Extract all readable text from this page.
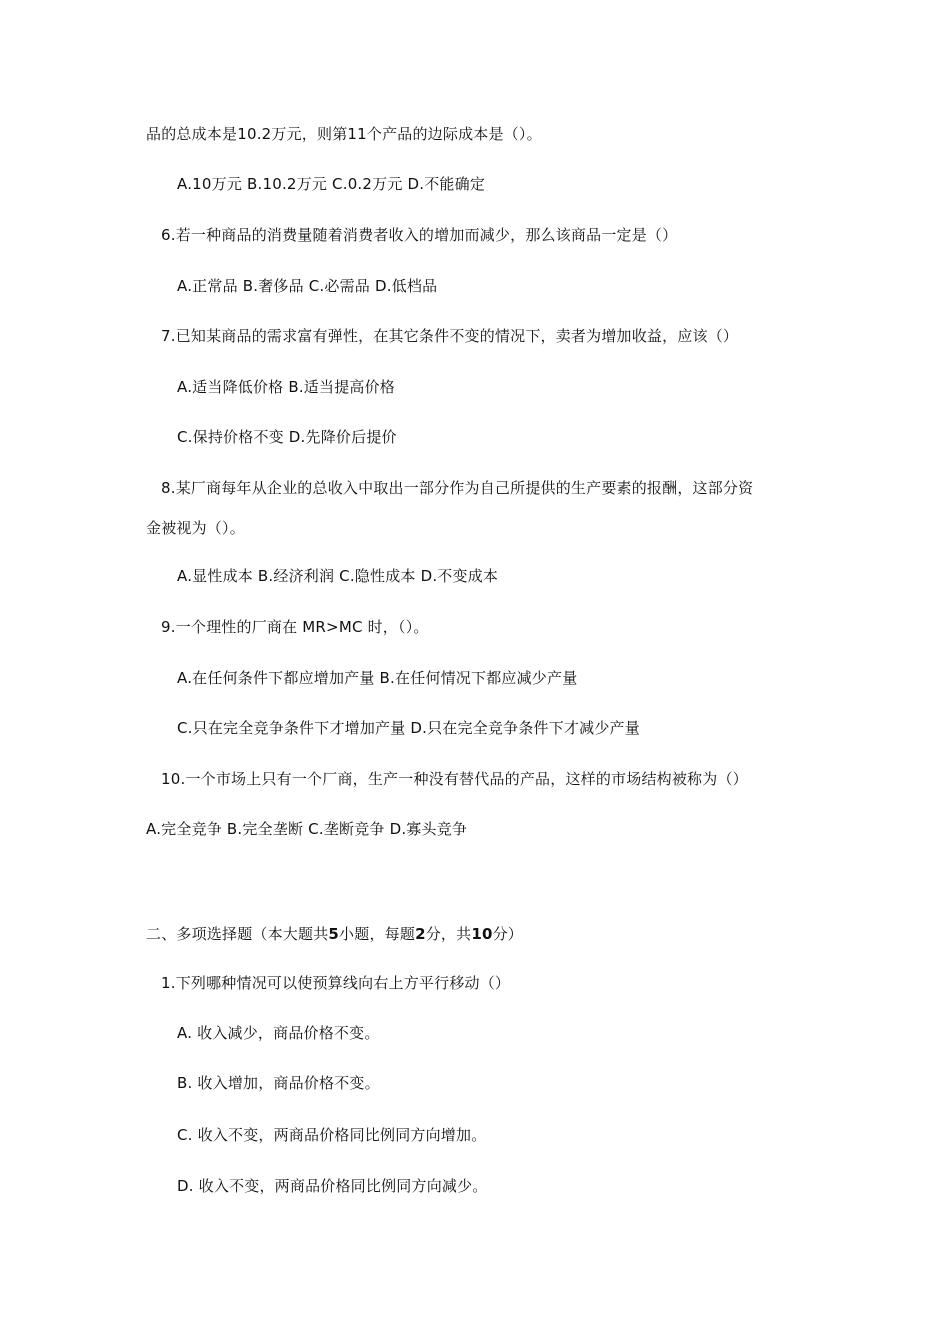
品的总成本是10.2万元，则第11个产品的边际成本是（）。
A.10万元 B.10.2万元 C.0.2万元 D.不能确定
6.若一种商品的消费量随着消费者收入的增加而减少，那么该商品一定是（）
A.正常品 B.奢侈品 C.必需品 D.低档品
7.已知某商品的需求富有弹性，在其它条件不变的情况下，卖者为增加收益，应该（）
A.适当降低价格 B.适当提高价格
C.保持价格不变 D.先降价后提价
8.某厂商每年从企业的总收入中取出一部分作为自己所提供的生产要素的报酬，这部分资
金被视为（）。
A.显性成本 B.经济利润 C.隐性成本 D.不变成本
9.一个理性的厂商在 MR>MC 时，（）。
A.在任何条件下都应增加产量 B.在任何情况下都应减少产量
C.只在完全竞争条件下才增加产量 D.只在完全竞争条件下才减少产量
10.一个市场上只有一个厂商，生产一种没有替代品的产品，这样的市场结构被称为（）
A.完全竞争 B.完全垄断 C.垄断竞争 D.寡头竞争
二、多项选择题（本大题共5小题，每题2分，共10分）
1.下列哪种情况可以使预算线向右上方平行移动（）
A. 收入减少，商品价格不变。
B. 收入增加，商品价格不变。
C. 收入不变，两商品价格同比例同方向增加。
D. 收入不变，两商品价格同比例同方向减少。
